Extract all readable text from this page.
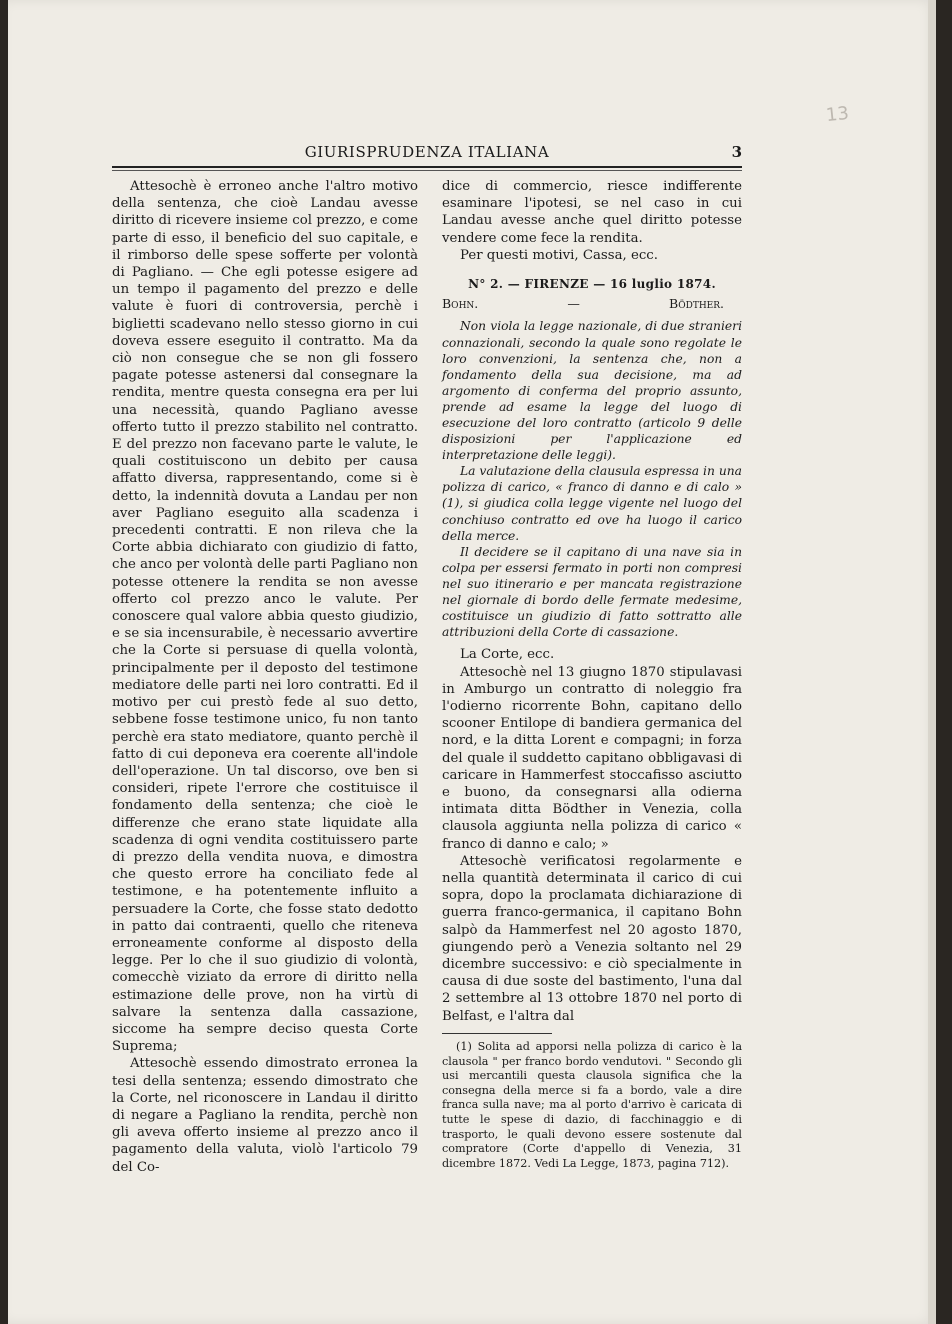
13
GIURISPRUDENZA ITALIANA	3

Attesochè è erroneo anche l'altro motivo della sentenza, che cioè Landau avesse diritto di ricevere insieme col prezzo, e come parte di esso, il beneficio del suo capitale, e il rimborso delle spese sofferte per volontà di Pagliano. — Che egli potesse esigere ad un tempo il pagamento del prezzo e delle valute è fuori di controversia, perchè i biglietti scadevano nello stesso giorno in cui doveva essere eseguito il contratto. Ma da ciò non consegue che se non gli fossero pagate potesse astenersi dal consegnare la rendita, mentre questa consegna era per lui una necessità, quando Pagliano avesse offerto tutto il prezzo stabilito nel contratto. E del prezzo non facevano parte le valute, le quali costituiscono un debito per causa affatto diversa, rappresentando, come si è detto, la indennità dovuta a Landau per non aver Pagliano eseguito alla scadenza i precedenti contratti. E non rileva che la Corte abbia dichiarato con giudizio di fatto, che anco per volontà delle parti Pagliano non potesse ottenere la rendita se non avesse offerto col prezzo anco le valute. Per conoscere qual valore abbia questo giudizio, e se sia incensurabile, è necessario avvertire che la Corte si persuase di quella volontà, principalmente per il deposto del testimone mediatore delle parti nei loro contratti. Ed il motivo per cui prestò fede al suo detto, sebbene fosse testimone unico, fu non tanto perchè era stato mediatore, quanto perchè il fatto di cui deponeva era coerente all'indole dell'operazione. Un tal discorso, ove ben si consideri, ripete l'errore che costituisce il fondamento della sentenza; che cioè le differenze che erano state liquidate alla scadenza di ogni vendita costituissero parte di prezzo della vendita nuova, e dimostra che questo errore ha conciliato fede al testimone, e ha potentemente influito a persuadere la Corte, che fosse stato dedotto in patto dai contraenti, quello che riteneva erroneamente conforme al disposto della legge. Per lo che il suo giudizio di volontà, comecchè viziato da errore di diritto nella estimazione delle prove, non ha virtù di salvare la sentenza dalla cassazione, siccome ha sempre deciso questa Corte Suprema;

Attesochè essendo dimostrato erronea la tesi della sentenza; essendo dimostrato che la Corte, nel riconoscere in Landau il diritto di negare a Pagliano la rendita, perchè non gli aveva offerto insieme al prezzo anco il pagamento della valuta, violò l'articolo 79 del Co-

dice di commercio, riesce indifferente esaminare l'ipotesi, se nel caso in cui Landau avesse anche quel diritto potesse vendere come fece la rendita.

Per questi motivi, Cassa, ecc.

N° 2. — FIRENZE — 16 luglio 1874.
Bohn.	—	Bödther.

Non viola la legge nazionale, di due stranieri connazionali, secondo la quale sono regolate le loro convenzioni, la sentenza che, non a fondamento della sua decisione, ma ad argomento di conferma del proprio assunto, prende ad esame la legge del luogo di esecuzione del loro contratto (articolo 9 delle disposizioni per l'applicazione ed interpretazione delle leggi).

La valutazione della clausula espressa in una polizza di carico, « franco di danno e di calo » (1), si giudica colla legge vigente nel luogo del conchiuso contratto ed ove ha luogo il carico della merce.

Il decidere se il capitano di una nave sia in colpa per essersi fermato in porti non compresi nel suo itinerario e per mancata registrazione nel giornale di bordo delle fermate medesime, costituisce un giudizio di fatto sottratto alle attribuzioni della Corte di cassazione.

La Corte, ecc.

Attesochè nel 13 giugno 1870 stipulavasi in Amburgo un contratto di noleggio fra l'odierno ricorrente Bohn, capitano dello scooner Entilope di bandiera germanica del nord, e la ditta Lorent e compagni; in forza del quale il suddetto capitano obbligavasi di caricare in Hammerfest stoccafisso asciutto e buono, da consegnarsi alla odierna intimata ditta Bödther in Venezia, colla clausola aggiunta nella polizza di carico « franco di danno e calo; »

Attesochè verificatosi regolarmente e nella quantità determinata il carico di cui sopra, dopo la proclamata dichiarazione di guerra franco-germanica, il capitano Bohn salpò da Hammerfest nel 20 agosto 1870, giungendo però a Venezia soltanto nel 29 dicembre successivo: e ciò specialmente in causa di due soste del bastimento, l'una dal 2 settembre al 13 ottobre 1870 nel porto di Belfast, e l'altra dal

(1) Solita ad apporsi nella polizza di carico è la clausola " per franco bordo vendutovi. " Secondo gli usi mercantili questa clausola significa che la consegna della merce si fa a bordo, vale a dire franca sulla nave; ma al porto d'arrivo è caricata di tutte le spese di dazio, di facchinaggio e di trasporto, le quali devono essere sostenute dal compratore (Corte d'appello di Venezia, 31 dicembre 1872. Vedi La Legge, 1873, pagina 712).
